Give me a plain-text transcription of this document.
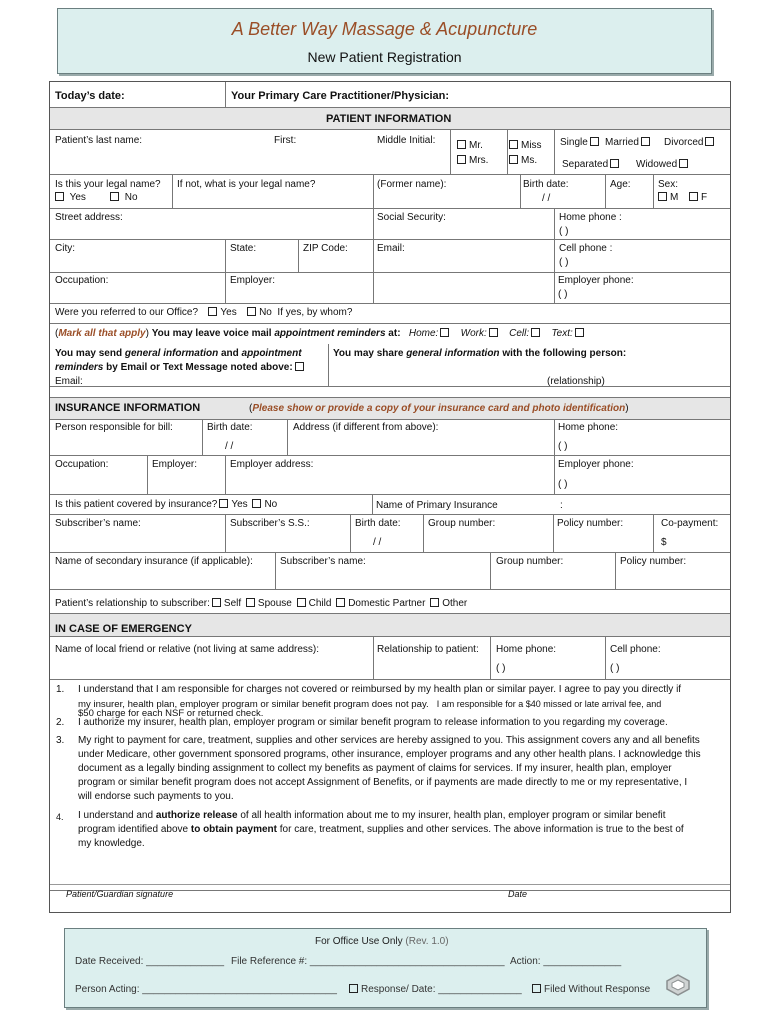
A Better Way Massage & Acupuncture
New Patient Registration
Today’s date:	Your Primary Care Practitioner/Physician:
PATIENT INFORMATION
Patient’s last name:	First:	Middle Initial:	Mr.	Miss
Mrs.	Ms.
Single	Married	Divorced
Separated	Widowed
Is this your legal name?
Yes	No
If not, what is your legal name?	(Former name):	Birth date:
/ /
Age:	Sex:
M	F
Street address:	Social Security:	Home phone :
( )
City:	State:	ZIP Code:	Email:	Cell phone :
( )
Occupation:	Employer:	Employer phone:
( )
Were you referred to our Office? Yes No If yes, by whom?
(Mark all that apply) You may leave voice mail appointment reminders at: Home: Work: Cell: Text:
You may send general information and appointment
reminders by Email or Text Message noted above:
Email:
You may share general information with the following person:
(relationship)
INSURANCE INFORMATION	(Please show or provide a copy of your insurance card and photo identification)
Person responsible for bill:	Birth date:
/ /
Address (if different from above):	Home phone:
( )
Occupation:	Employer:	Employer address:	Employer phone:
( )
Is this patient covered by insurance? Yes No	Name of Primary Insurance	:
Subscriber’s name:	Subscriber’s S.S.:	Birth date:
/ /
Group number:	Policy number:	Co-payment:
$
Name of secondary insurance (if applicable):	Subscriber’s name:	Group number:	Policy number:
Patient’s relationship to subscriber: Self Spouse Child Domestic Partner Other
IN CASE OF EMERGENCY
Name of local friend or relative (not living at same address):	Relationship to patient: Home phone:
( )
Cell phone:
( )
1. I understand that I am responsible for charges not covered or reimbursed by my health plan or similar payer. I agree to pay you directly if
my insurer, health plan, employer program or similar benefit program does not pay. I am responsible for a $40 missed or late arrival fee, and
$50 charge for each NSF or returned check.
2. I authorize my insurer, health plan, employer program or similar benefit program to release information to you regarding my coverage.
3. My right to payment for care, treatment, supplies and other services are hereby assigned to you. This assignment covers any and all benefits
under Medicare, other government sponsored programs, other insurance, employer programs and any other health plans. I acknowledge this
document as a legally binding assignment to collect my benefits as payment of claims for services. If my insurer, health plan, employer
program or similar benefit program does not accept Assignment of Benefits, or if payments are made directly to me or my representative, I
will endorse such payments to you.
4. I understand and authorize release of all health information about me to my insurer, health plan, employer program or similar benefit
program identified above to obtain payment for care, treatment, supplies and other services. The above information is true to the best of
my knowledge.
Patient/Guardian signature	Date
For Office Use Only (Rev. 1.0)
Date Received: ______________ File Reference #: ___________________________________ Action: ______________
Person Acting: ___________________________________	Response/ Date: _______________	Filed Without Response
